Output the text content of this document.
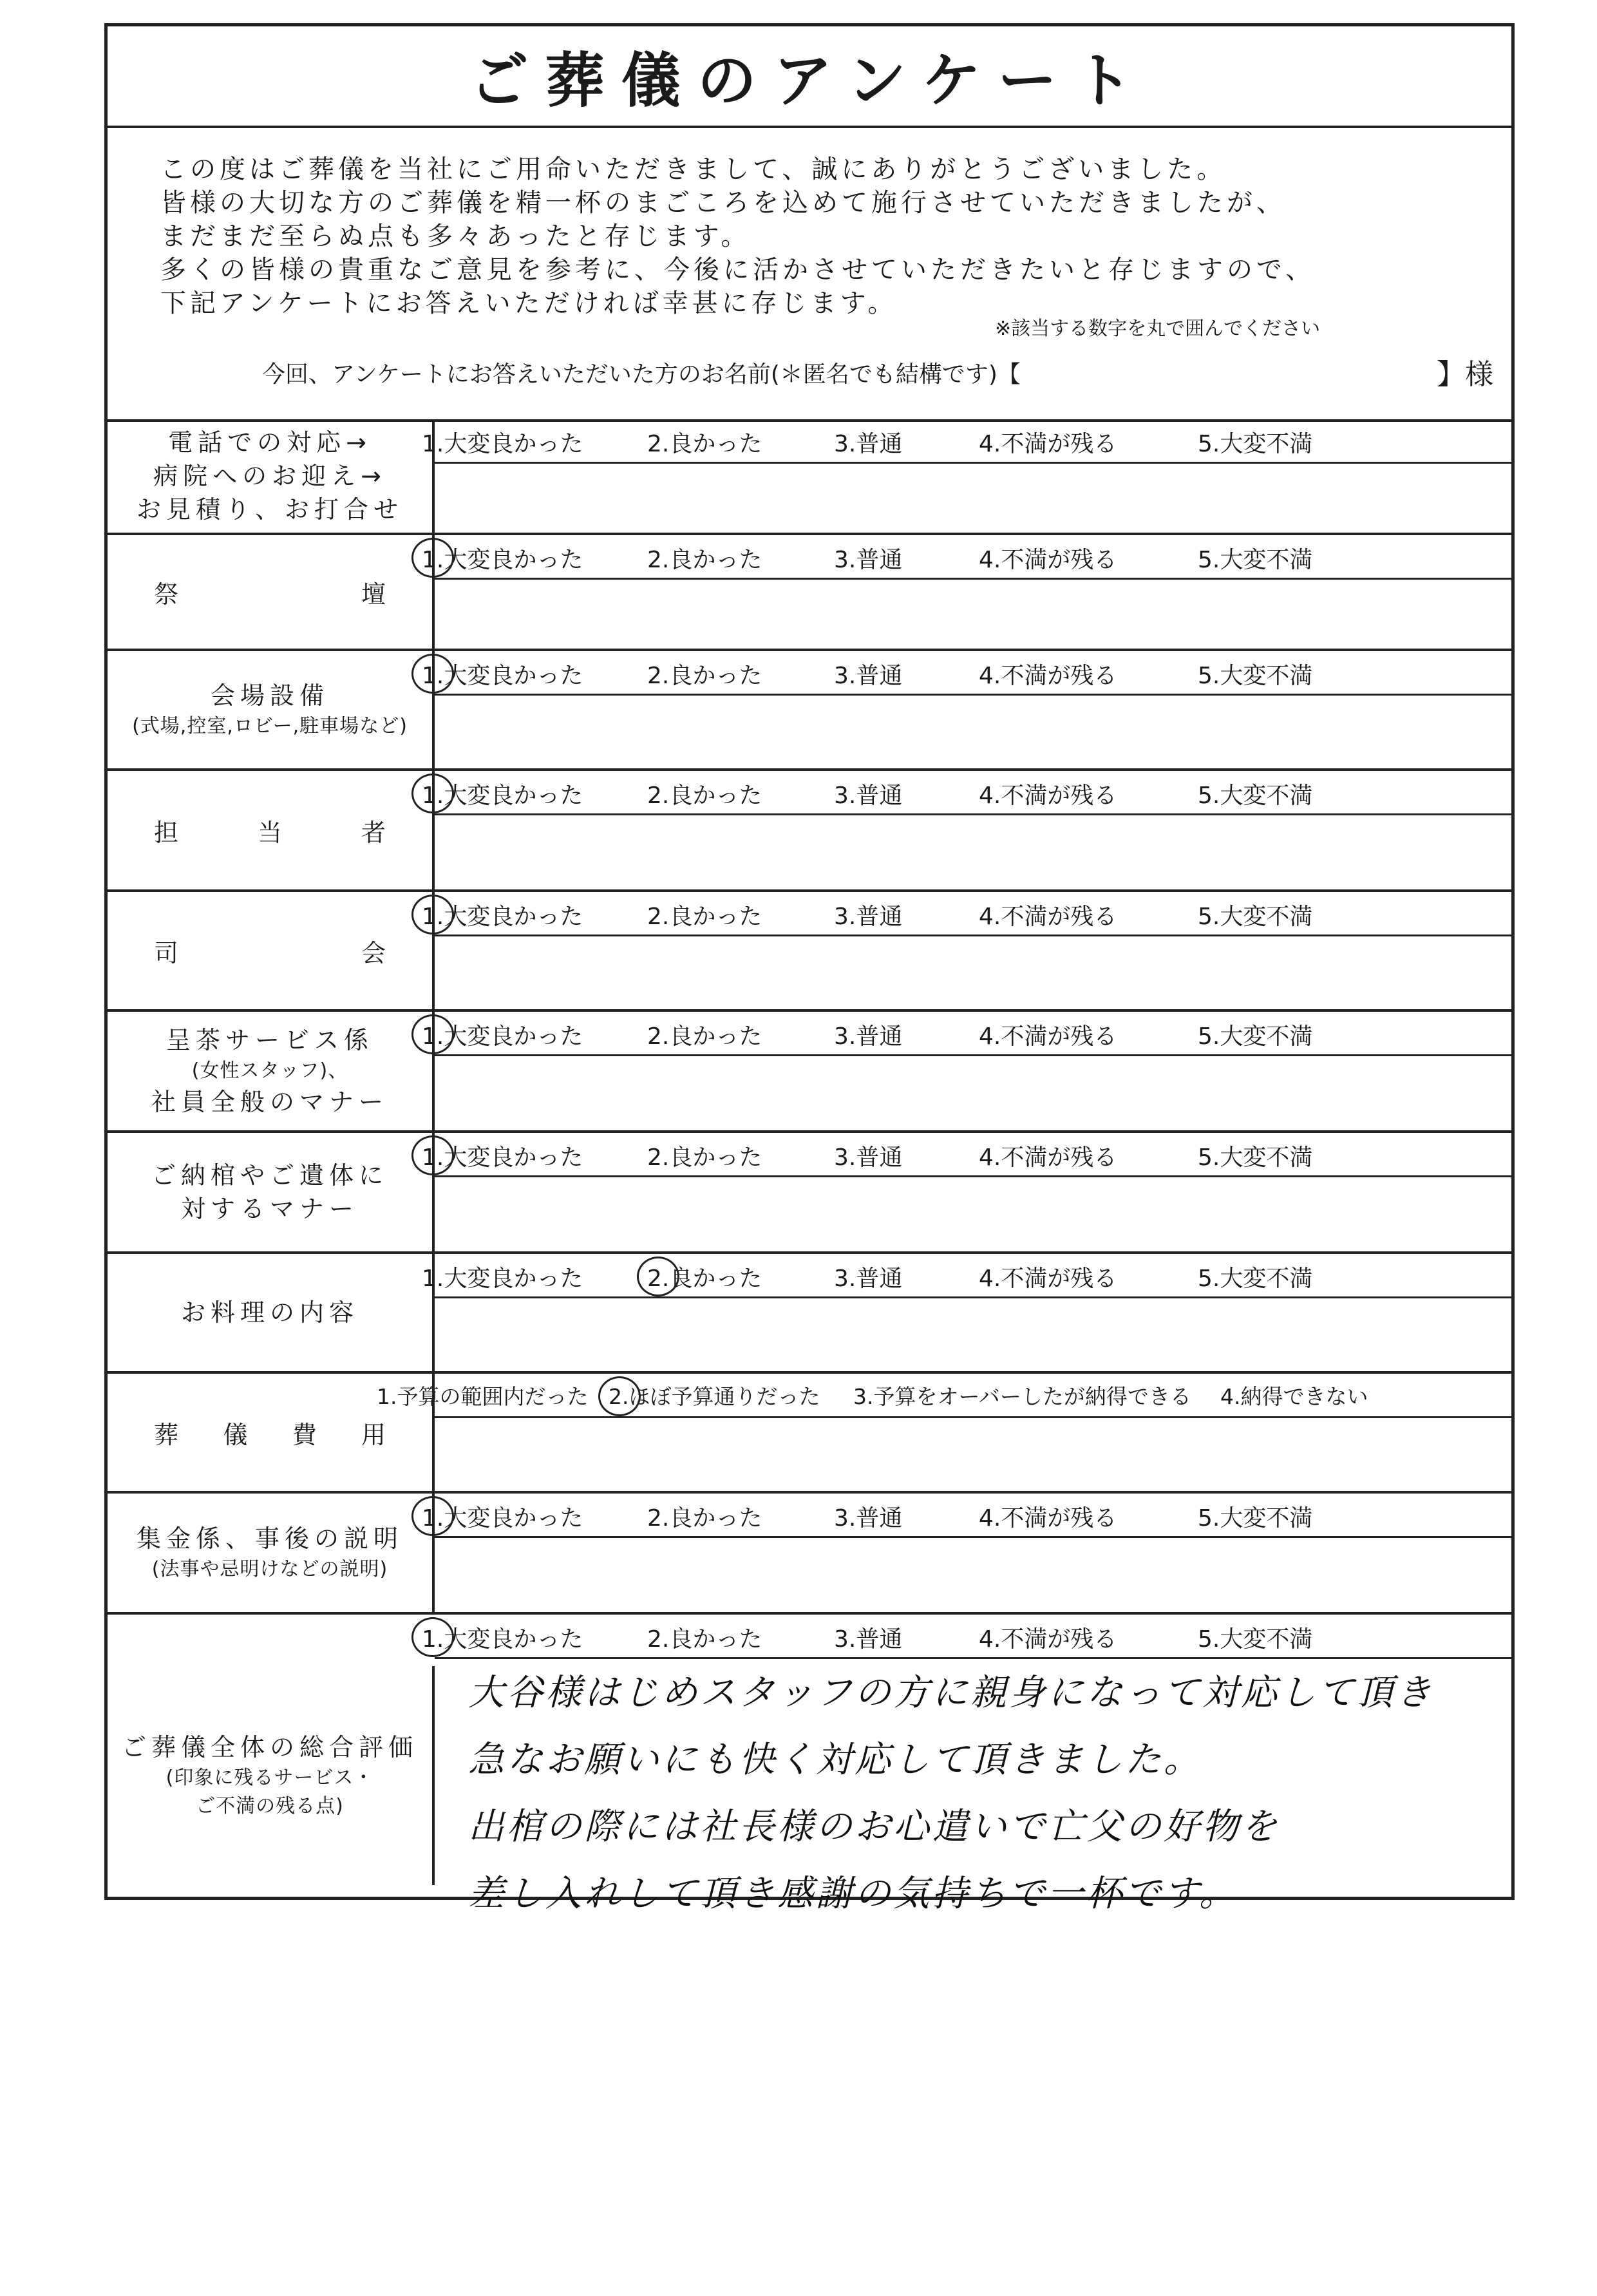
ご葬儀のアンケート
この度はご葬儀を当社にご用命いただきまして、誠にありがとうございました。
皆様の大切な方のご葬儀を精一杯のまごころを込めて施行させていただきましたが、
まだまだ至らぬ点も多々あったと存じます。
多くの皆様の貴重なご意見を参考に、今後に活かさせていただきたいと存じますので、
下記アンケートにお答えいただければ幸甚に存じます。
※該当する数字を丸で囲んでください
今回、アンケートにお答えいただいた方のお名前(＊匿名でも結構です)【	】様
電話での対応→
病院へのお迎え→
お見積り、お打合せ
1.大変良かった	2.良かった	3.普通	4.不満が残る	5.大変不満
祭	壇
1.大変良かった	2.良かった	3.普通	4.不満が残る	5.大変不満
会場設備
(式場,控室,ロビー,駐車場など)
1.大変良かった	2.良かった	3.普通	4.不満が残る	5.大変不満
担	当	者
1.大変良かった	2.良かった	3.普通	4.不満が残る	5.大変不満
司	会
1.大変良かった	2.良かった	3.普通	4.不満が残る	5.大変不満
呈茶サービス係
(女性スタッフ)、
社員全般のマナー
1.大変良かった	2.良かった	3.普通	4.不満が残る	5.大変不満
ご納棺やご遺体に
対するマナー
1.大変良かった	2.良かった	3.普通	4.不満が残る	5.大変不満
お料理の内容
1.大変良かった	2.良かった	3.普通	4.不満が残る	5.大変不満
葬 儀 費 用
1.予算の範囲内だった 2.ほぼ予算通りだった 3.予算をオーバーしたが納得できる 4.納得できない
集金係、事後の説明
(法事や忌明けなどの説明)
1.大変良かった	2.良かった	3.普通	4.不満が残る	5.大変不満
ご葬儀全体の総合評価
(印象に残るサービス・
ご不満の残る点)
1.大変良かった	2.良かった	3.普通	4.不満が残る	5.大変不満
大谷様はじめスタッフの方に親身になって対応して頂き
急なお願いにも快く対応して頂きました。
出棺の際には社長様のお心遣いで亡父の好物を
差し入れして頂き感謝の気持ちで一杯です。
